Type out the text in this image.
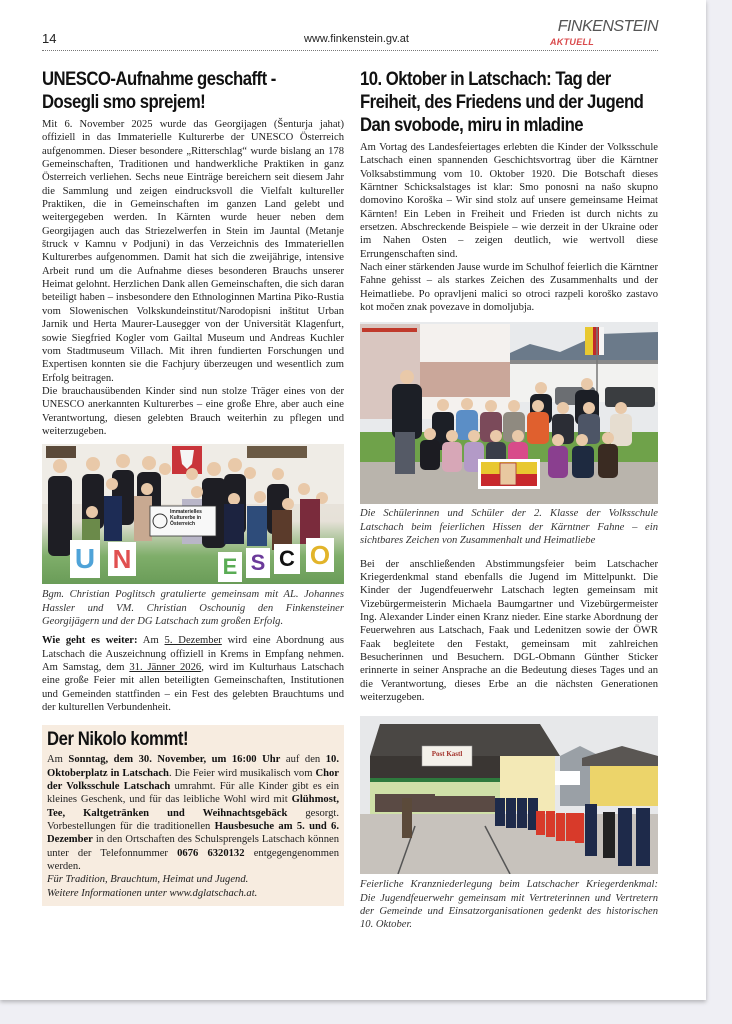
14	www.finkenstein.gv.at
FINKENSTEIN
AKTUELL
UNESCO-Aufnahme geschafft -
Dosegli smo sprejem!

Mit 6. November 2025 wurde das Georgijagen (Šenturja jahat) offiziell in das Immaterielle Kulturerbe der UNESCO Österreich aufgenommen. Dieser besondere „Ritterschlag“ wurde bislang an 178 Gemeinschaften, Traditionen und handwerkliche Praktiken in ganz Österreich verliehen. Sechs neue Einträge bereichern seit diesem Jahr die Sammlung und zeigen eindrucksvoll die Vielfalt kultureller Praktiken, die in Gemeinschaften im ganzen Land gelebt und weitergegeben werden. In Kärnten wurde heuer neben dem Georgijagen auch das Striezelwerfen in Stein im Jauntal (Metanje štruck v Kamnu v Podjuni) in das Verzeichnis des Immateriellen Kulturerbes aufgenommen. Damit hat sich die zweijährige, intensive Arbeit rund um die Aufnahme dieses besonderen Brauchs unserer Heimat gelohnt. Herzlichen Dank allen Gemeinschaften, die sich daran beteiligt haben – insbesondere den Ethnologinnen Martina Piko-Rustia vom Slowenischen Volkskundeinstitut/Narodopisni inštitut Urban Jarnik und Herta Maurer-Lausegger von der Universität Klagenfurt, sowie Siegfried Kogler vom Gailtal Museum und Andreas Kuchler vom Stadtmuseum Villach. Mit ihren fundierten Forschungen und Expertisen konnten sie die Fachjury überzeugen und wesentlich zum Erfolg beitragen.

Die brauchausübenden Kinder sind nun stolze Träger eines von der UNESCO anerkannten Kulturerbes – eine große Ehre, aber auch eine Verantwortung, diesen gelebten Brauch weiterhin zu pflegen und weiterzugeben.

Immaterielles Kulturerbe in Österreich
U N	E S C O
Bgm. Christian Poglitsch gratulierte gemeinsam mit AL. Johannes Hassler und VM. Christian Oschounig den Finkensteiner Georgijägern und der DG Latschach zum großen Erfolg.
Wie geht es weiter: Am 5. Dezember wird eine Abordnung aus Latschach die Auszeichnung offiziell in Krems in Empfang nehmen. Am Samstag, dem 31. Jänner 2026, wird im Kulturhaus Latschach eine große Feier mit allen beteiligten Gemeinschaften, Institutionen und Gemeinden stattfinden – ein Fest des gelebten Brauchtums und der kulturellen Verbundenheit.
Der Nikolo kommt!
Am Sonntag, dem 30. November, um 16:00 Uhr auf den 10. Oktoberplatz in Latschach. Die Feier wird musikalisch vom Chor der Volksschule Latschach umrahmt. Für alle Kinder gibt es ein kleines Geschenk, und für das leibliche Wohl wird mit Glühmost, Tee, Kaltgetränken und Weihnachtsgebäck gesorgt. Vorbestellungen für die traditionellen Hausbesuche am 5. und 6. Dezember in den Ortschaften des Schulsprengels Latschach können unter der Telefonnummer 0676 6320132 entgegengenommen werden.
Für Tradition, Brauchtum, Heimat und Jugend.
Weitere Informationen unter www.dglatschach.at.
10. Oktober in Latschach: Tag der
Freiheit, des Friedens und der Jugend
Dan svobode, miru in mladine

Am Vortag des Landesfeiertages erlebten die Kinder der Volksschule Latschach einen spannenden Geschichtsvortrag über die Kärntner Volksabstimmung vom 10. Oktober 1920. Die Botschaft dieses Kärntner Schicksalstages ist klar: Smo ponosni na našo skupno domovino Koroška – Wir sind stolz auf unsere gemeinsame Heimat Kärnten! Ein Leben in Freiheit und Frieden ist durch nichts zu ersetzen. Abschreckende Beispiele – wie derzeit in der Ukraine oder im Nahen Osten – zeigen deutlich, wie wertvoll diese Errungenschaften sind.

Nach einer stärkenden Jause wurde im Schulhof feierlich die Kärntner Fahne gehisst – als starkes Zeichen des Zusammenhalts und der Heimatliebe. Po opravljeni malici so otroci razpeli koroško zastavo kot močen znak povezave in domoljubja.

Die Schülerinnen und Schüler der 2. Klasse der Volksschule Latschach beim feierlichen Hissen der Kärntner Fahne – ein sichtbares Zeichen von Zusammenhalt und Heimatliebe

Bei der anschließenden Abstimmungsfeier beim Latschacher Kriegerdenkmal stand ebenfalls die Jugend im Mittelpunkt. Die Kinder der Jugendfeuerwehr Latschach legten gemeinsam mit Vizebürgermeisterin Michaela Baumgartner und Vizebürgermeister Ing. Alexander Linder einen Kranz nieder. Eine starke Abordnung der Feuerwehren aus Latschach, Faak und Ledenitzen sowie der ÖWR Faak begleitete den Festakt, gemeinsam mit zahlreichen Besucherinnen und Besuchern. DGL-Obmann Günther Sticker erinnerte in seiner Ansprache an die Bedeutung dieses Tages und an die Verantwortung, dieses Erbe an die nächsten Generationen weiterzugeben.

Post Kastl
Feierliche Kranzniederlegung beim Latschacher Kriegerdenkmal: Die Jugendfeuerwehr gemeinsam mit Vertreterinnen und Vertretern der Gemeinde und Einsatzorganisationen gedenkt des historischen 10. Oktober.
